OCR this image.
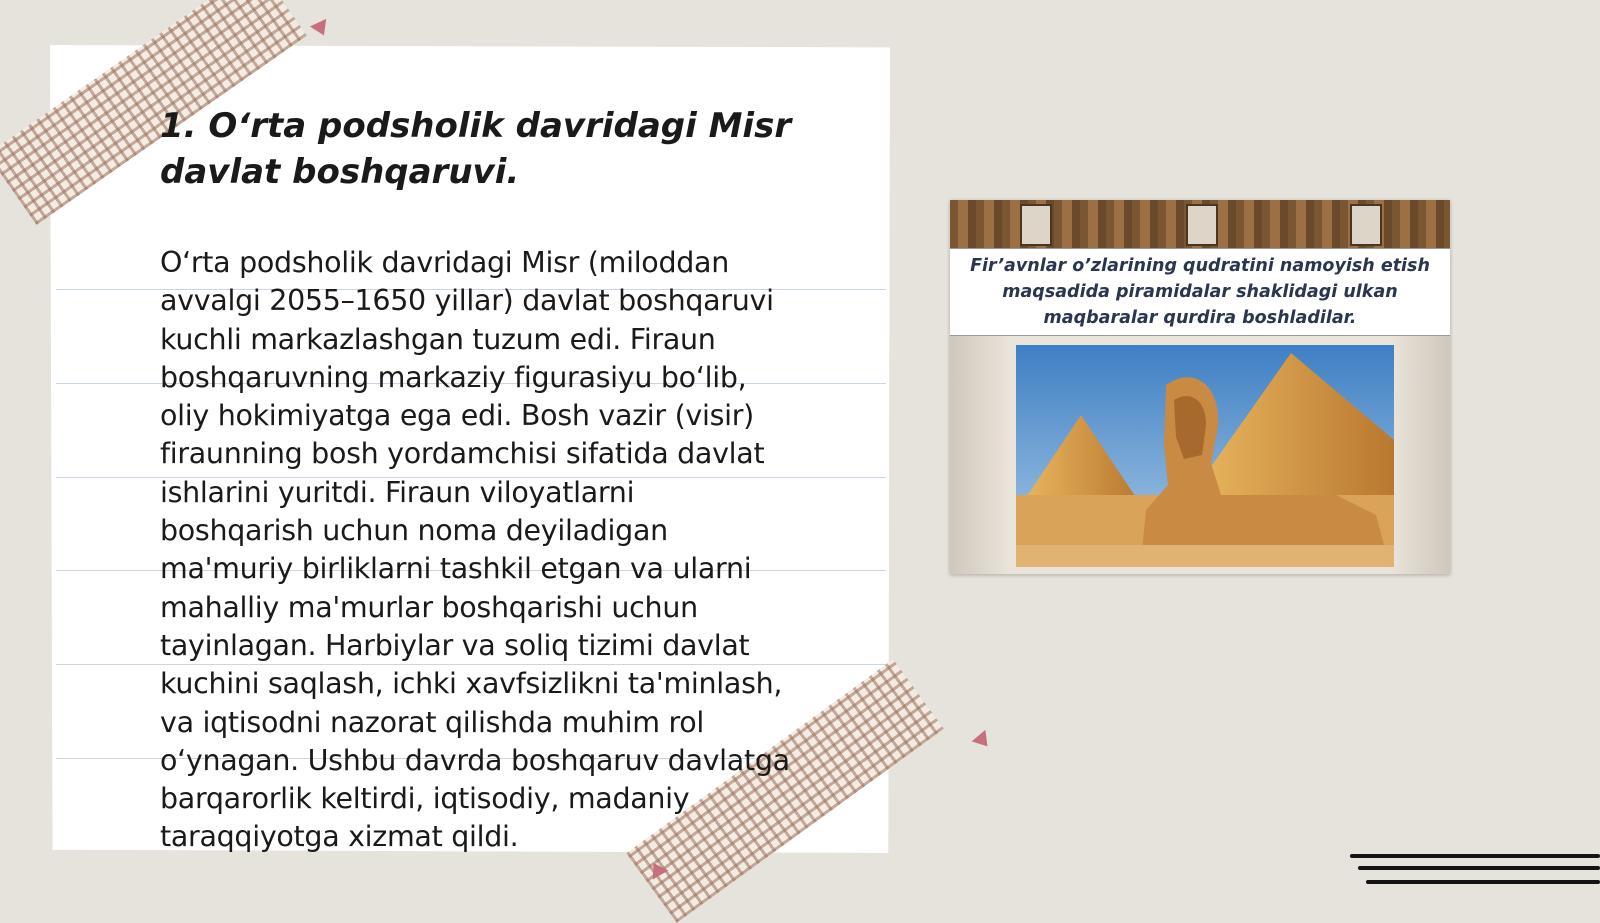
1. O‘rta podsholik davridagi Misr davlat boshqaruvi.

O‘rta podsholik davridagi Misr (miloddan
avvalgi 2055–1650 yillar) davlat boshqaruvi
kuchli markazlashgan tuzum edi. Firaun
boshqaruvning markaziy figurasiyu bo‘lib,
oliy hokimiyatga ega edi. Bosh vazir (visir)
firaunning bosh yordamchisi sifatida davlat
ishlarini yuritdi. Firaun viloyatlarni
boshqarish uchun noma deyiladigan
ma'muriy birliklarni tashkil etgan va ularni
mahalliy ma'murlar boshqarishi uchun
tayinlagan. Harbiylar va soliq tizimi davlat
kuchini saqlash, ichki xavfsizlikni ta'minlash,
va iqtisodni nazorat qilishda muhim rol
o‘ynagan. Ushbu davrda boshqaruv davlatga
barqarorlik keltirdi, iqtisodiy, madaniy
taraqqiyotga xizmat qildi.

Fir’avnlar o’zlarining qudratini namoyish etish maqsadida piramidalar shaklidagi ulkan maqbaralar qurdira boshladilar.
